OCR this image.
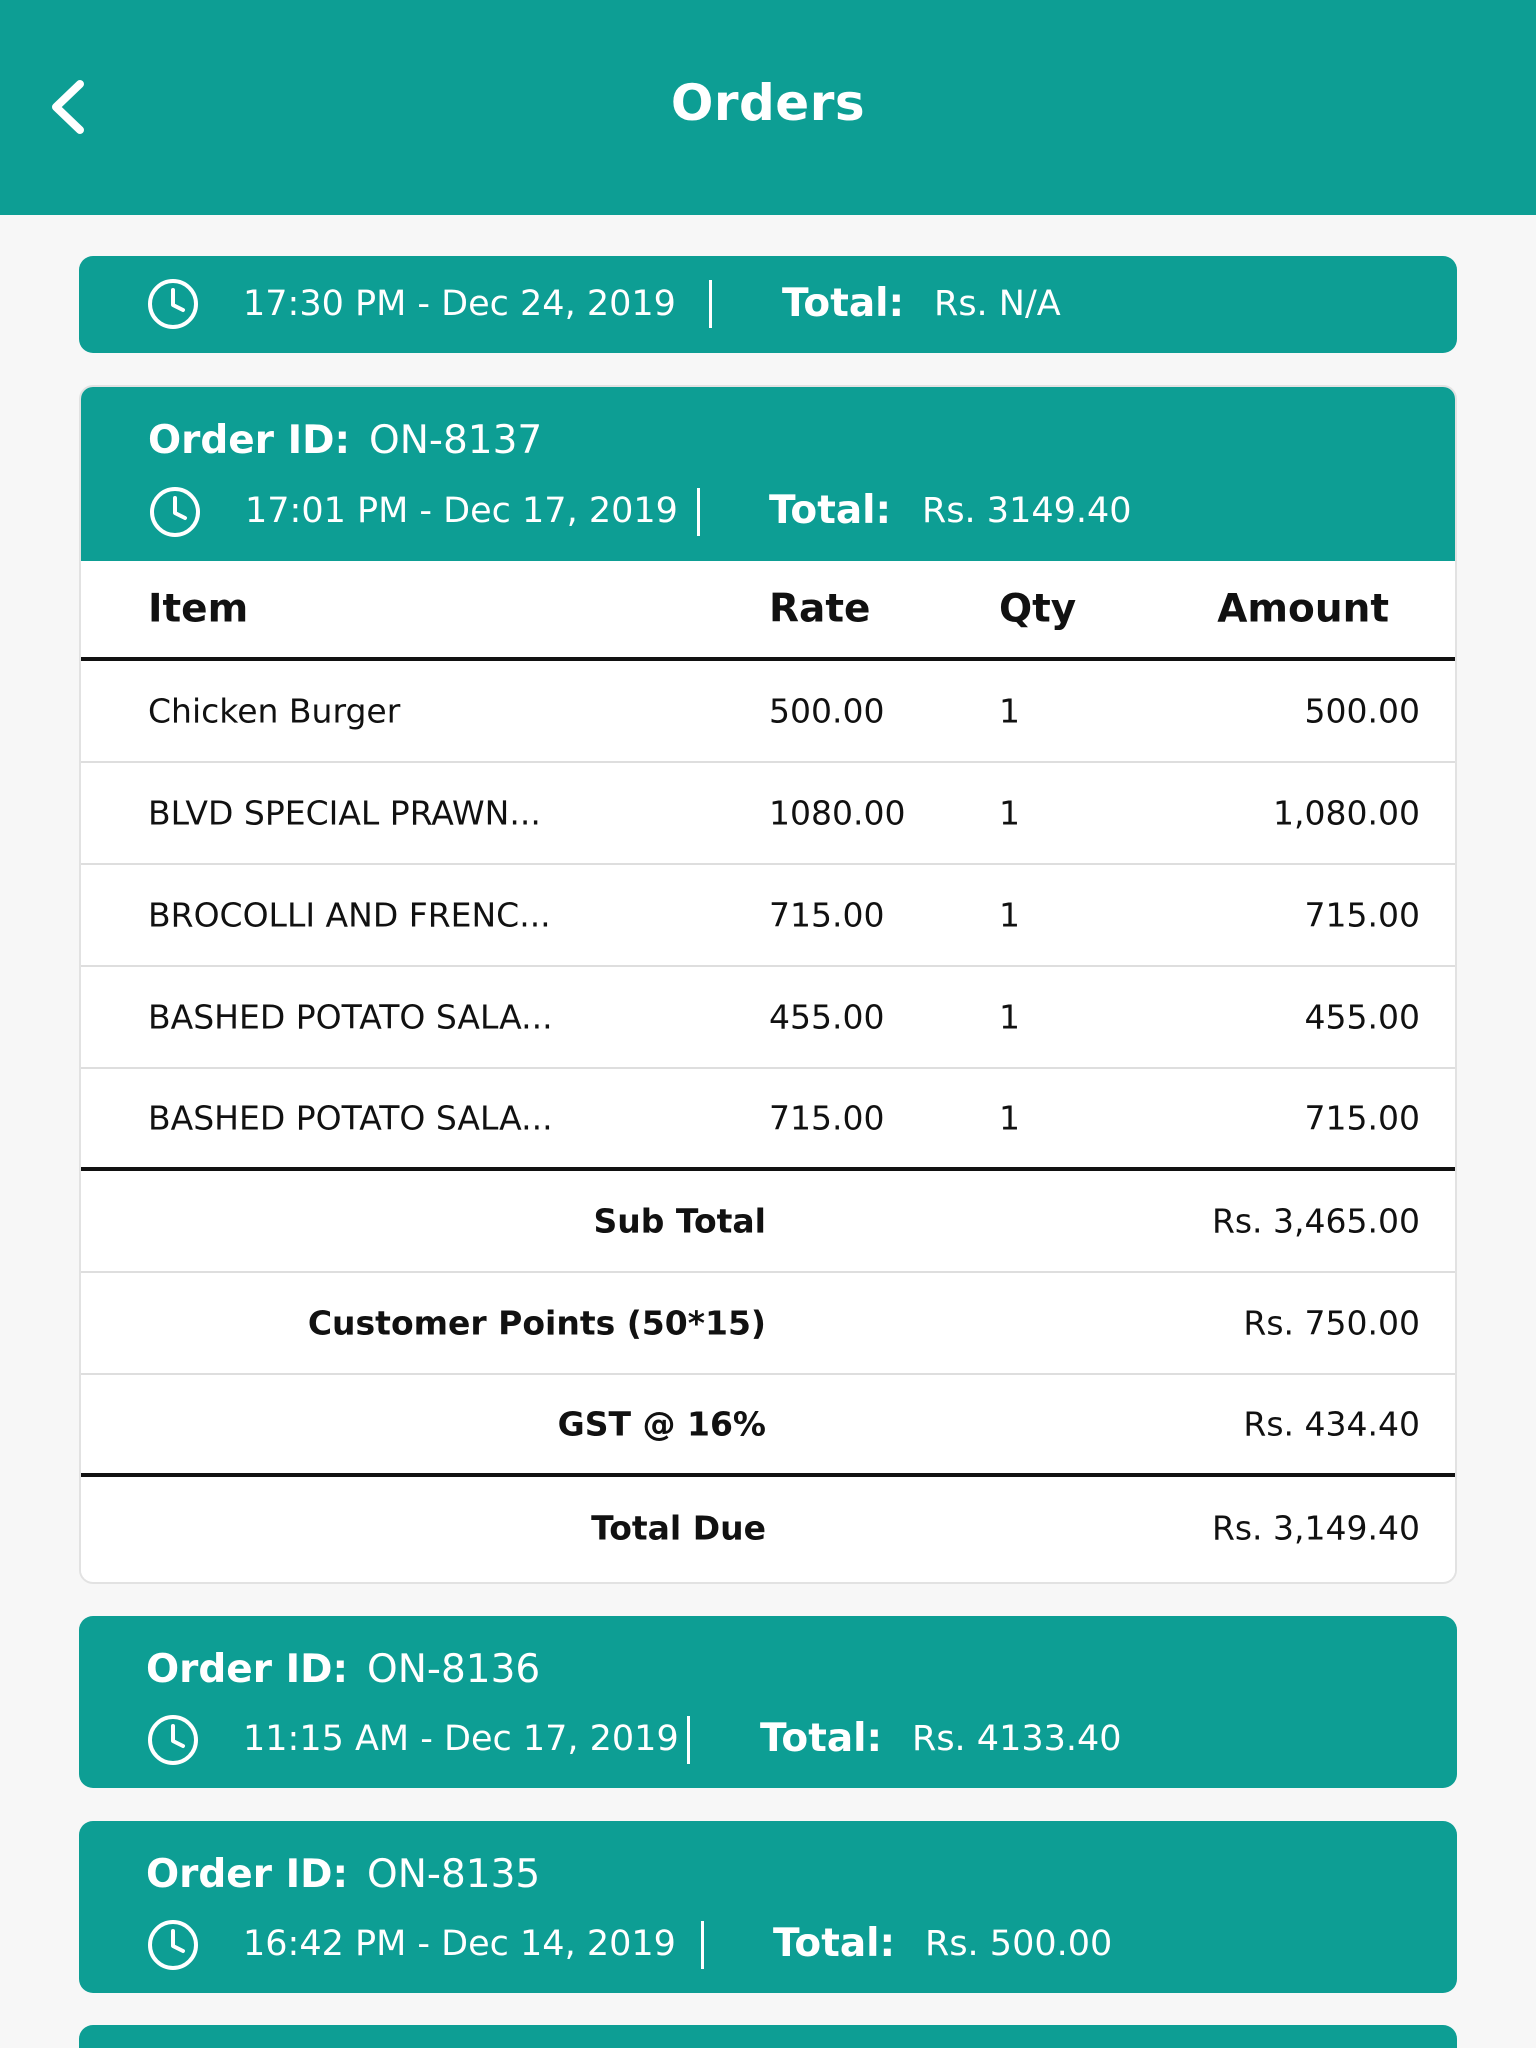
Orders
17:30 PM - Dec 24, 2019	Total: Rs. N/A
Order ID: ON-8137
17:01 PM - Dec 17, 2019 Total: Rs. 3149.40
Item	Rate	Qty	Amount
Chicken Burger	500.00	1	500.00
BLVD SPECIAL PRAWN...	1080.00	1	1,080.00
BROCOLLI AND FRENC...	715.00	1	715.00
BASHED POTATO SALA...	455.00	1	455.00
BASHED POTATO SALA...	715.00	1	715.00
Sub Total	Rs. 3,465.00
Customer Points (50*15)	Rs. 750.00
GST @ 16%	Rs. 434.40
Total Due	Rs. 3,149.40
Order ID: ON-8136
11:15 AM - Dec 17, 2019 Total: Rs. 4133.40
Order ID: ON-8135
16:42 PM - Dec 14, 2019 Total: Rs. 500.00
